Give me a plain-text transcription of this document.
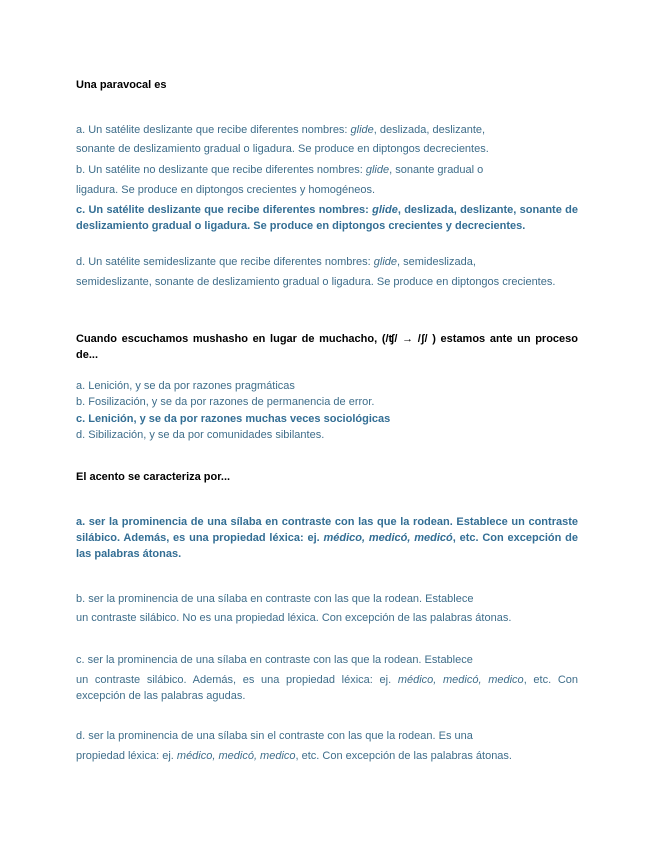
Una paravocal es

a. Un satélite deslizante que recibe diferentes nombres: glide, deslizada, deslizante,

sonante de deslizamiento gradual o ligadura. Se produce en diptongos decrecientes.

b. Un satélite no deslizante que recibe diferentes nombres: glide, sonante gradual o

ligadura. Se produce en diptongos crecientes y homogéneos.

c. Un satélite deslizante que recibe diferentes nombres: glide, deslizada, deslizante, sonante de deslizamiento gradual o ligadura. Se produce en diptongos crecientes y decrecientes.

d. Un satélite semideslizante que recibe diferentes nombres: glide, semideslizada,

semideslizante, sonante de deslizamiento gradual o ligadura. Se produce en diptongos crecientes.

Cuando escuchamos mushasho en lugar de muchacho, (/ʧ/ → /ʃ/ ) estamos ante un proceso de...

a. Lenición, y se da por razones pragmáticas

b. Fosilización, y se da por razones de permanencia de error.

c. Lenición, y se da por razones muchas veces sociológicas

d. Sibilización, y se da por comunidades sibilantes.

El acento se caracteriza por...

a. ser la prominencia de una sílaba en contraste con las que la rodean. Establece un contraste silábico. Además, es una propiedad léxica: ej. médico, medicó, medicó, etc. Con excepción de las palabras átonas.

b. ser la prominencia de una sílaba en contraste con las que la rodean. Establece

un contraste silábico. No es una propiedad léxica. Con excepción de las palabras átonas.

c. ser la prominencia de una sílaba en contraste con las que la rodean. Establece

un contraste silábico. Además, es una propiedad léxica: ej. médico, medicó, medico, etc. Con excepción de las palabras agudas.

d. ser la prominencia de una sílaba sin el contraste con las que la rodean. Es una

propiedad léxica: ej. médico, medicó, medico, etc. Con excepción de las palabras átonas.
